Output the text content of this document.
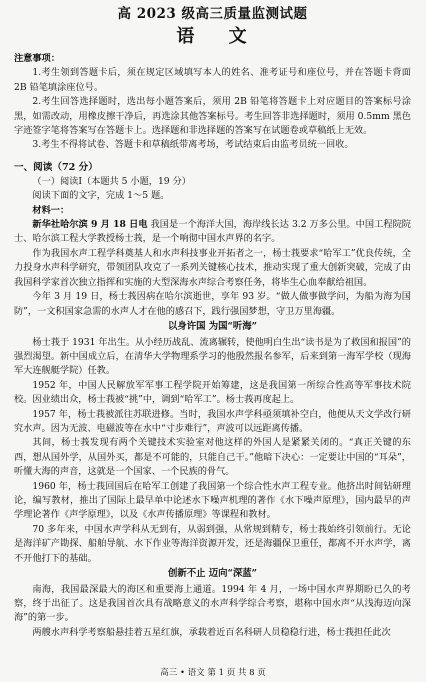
高 2023 级高三质量监测试题
语 文

注意事项：

1.考生领到答题卡后，须在规定区域填写本人的姓名、准考证号和座位号，并在答题卡背面 2B 铅笔填涂座位号。

2.考生回答选择题时，选出每小题答案后，须用 2B 铅笔将答题卡上对应题目的答案标号涂黑，如需改动，用橡皮擦干净后，再选涂其他答案标号。考生回答非选择题时，须用 0.5mm 黑色字迹签字笔将答案写在答题卡上。选择题和非选择题的答案写在试题卷或草稿纸上无效。

3.考生不得将试卷、答题卡和草稿纸带离考场，考试结束后由监考员统一回收。

一、阅读（72 分）

（一）阅读Ⅰ（本题共 5 小题，19 分）

阅读下面的文字，完成 1～5 题。

材料一：

新华社哈尔滨 9 月 18 日电 我国是一个海洋大国，海岸线长达 3.2 万多公里。中国工程院院士、哈尔滨工程大学教授杨士莪，是一个响彻中国水声界的名字。

作为我国水声工程学科奠基人和水声科技事业开拓者之一，杨士莪要求“哈军工”优良传统，全力投身水声科学研究，带领团队攻克了一系列关键核心技术，推动实现了重大创新突破，完成了由我国科学家首次独立指挥和实施的大型深海水声综合考察任务，将毕生心血奉献给祖国。

今年 3 月 19 日，杨士莪因病在哈尔滨逝世，享年 93 岁。“做人做事做学问，为船为海为国防”，一文积国家急需的水声人才在他的感召下，践行强国梦想，守卫万里海疆。

以身许国 为国“听海”

杨士莪于 1931 年出生。从小经历战乱、流离辗转，使他明白生出“读书是为了救国和报国”的强烈渴望。新中国成立后，在清华大学物理系学习的他殷然报名参军，后来到第一海军学校（现海军大连舰艇学院）任教。

1952 年，中国人民解放军军事工程学院开始筹建，这是我国第一所综合性高等军事技术院校。因业绩出众，杨士莪被“挑”中，调到“哈军工”。杨士莪再度起上。

1957 年，杨士莪被派往苏联进修。当时，我国水声学科亟须填补空白，他便从天文学改行研究水声。因为无波、电磁波等在水中“寸步难行”，声波可以远距离传播。

其间，杨士莪发现有两个关键技术实验室对他这样的外国人是紧紧关闭的。“真正关键的东西，想从国外学，从国外买，都是不可能的，只能自己干。”他暗下决心：一定要让中国的“耳朵”，听懂大海的声音，这就是一个国家、一个民族的骨气。

1960 年，杨士莪回国后在哈军工创建了我国第一个综合性水声工程专业。他挤出时间钻研理论，编写教材，推出了国际上最早单中论述水下噪声机理的著作《水下噪声原理》，国内最早的声学理论著作《声学原理》，以及《水声传播原理》等课程和教材。

70 多年来，中国水声学科从无到有，从弱到强，从常规到精专，杨士莪始终引领前行。无论是海洋矿产勘探、船舶导航、水下作业等海洋资源开发，还是海疆保卫重任，都离不开水声学，离不开他打下的基础。

创新不止 迈向“深蓝”

南海，我国最深最大的海区和重要海上通道。1994 年 4 月，一场中国水声界期盼已久的考察，终于出征了。这是我国首次具有战略意义的水声科学综合考察，堪称中国水声“从浅海迈向深海”的第一步。

两艘水声科学考察船悬挂着五星红旗，承载着近百名科研人员稳稳行进，杨士莪担任此次

高三 • 语文 第 1 页 共 8 页
